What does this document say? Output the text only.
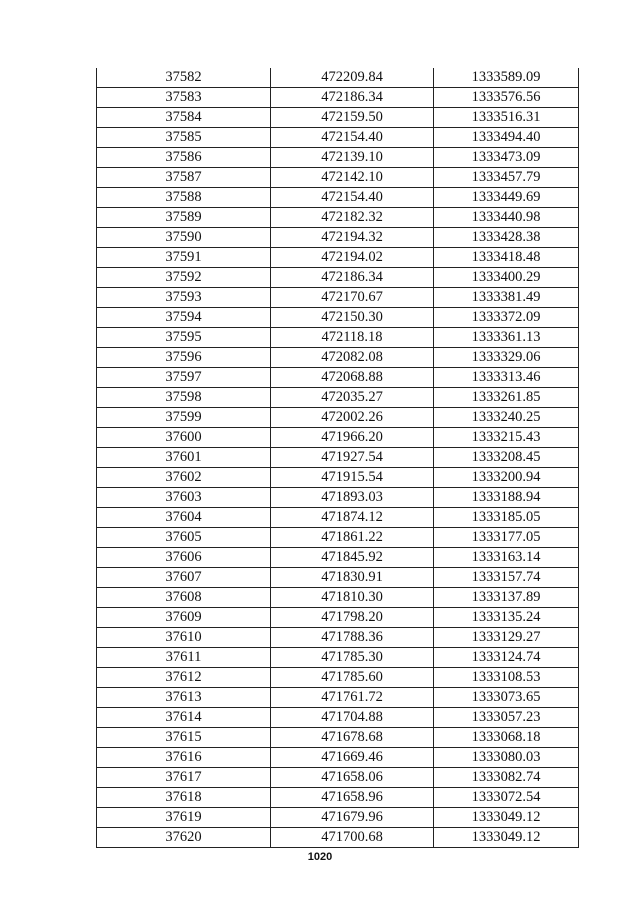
37582	472209.84	1333589.09
37583	472186.34	1333576.56
37584	472159.50	1333516.31
37585	472154.40	1333494.40
37586	472139.10	1333473.09
37587	472142.10	1333457.79
37588	472154.40	1333449.69
37589	472182.32	1333440.98
37590	472194.32	1333428.38
37591	472194.02	1333418.48
37592	472186.34	1333400.29
37593	472170.67	1333381.49
37594	472150.30	1333372.09
37595	472118.18	1333361.13
37596	472082.08	1333329.06
37597	472068.88	1333313.46
37598	472035.27	1333261.85
37599	472002.26	1333240.25
37600	471966.20	1333215.43
37601	471927.54	1333208.45
37602	471915.54	1333200.94
37603	471893.03	1333188.94
37604	471874.12	1333185.05
37605	471861.22	1333177.05
37606	471845.92	1333163.14
37607	471830.91	1333157.74
37608	471810.30	1333137.89
37609	471798.20	1333135.24
37610	471788.36	1333129.27
37611	471785.30	1333124.74
37612	471785.60	1333108.53
37613	471761.72	1333073.65
37614	471704.88	1333057.23
37615	471678.68	1333068.18
37616	471669.46	1333080.03
37617	471658.06	1333082.74
37618	471658.96	1333072.54
37619	471679.96	1333049.12
37620	471700.68	1333049.12
1020
